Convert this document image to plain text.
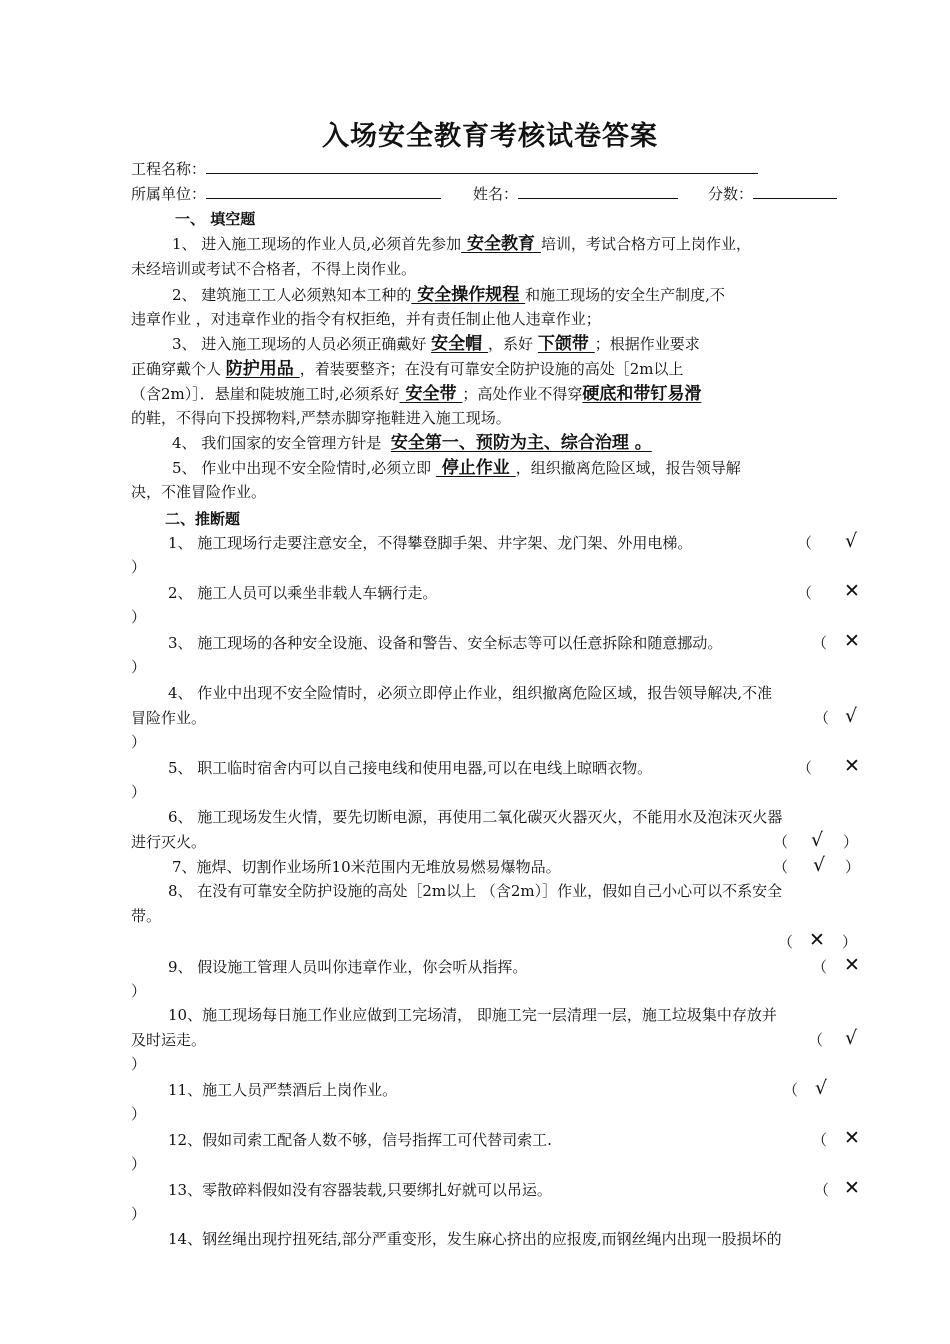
入场安全教育考核试卷答案
工程名称：
所属单位：	姓名：	分数：
一、 填空题
1、 进入施工现场的作业人员,必须首先参加 安全教育 培训，考试合格方可上岗作业，
未经培训或考试不合格者，不得上岗作业。
2、 建筑施工工人必须熟知本工种的 安全操作规程 和施工现场的安全生产制度,不
违章作业 ，对违章作业的指令有权拒绝，并有责任制止他人违章作业；
3、 进入施工现场的人员必须正确戴好 安全帽 ，系好 下颌带 ；根据作业要求
正确穿戴个人 防护用品 ，着装要整齐；在没有可靠安全防护设施的高处［2m以上
（含2m）］．悬崖和陡坡施工时,必须系好 安全带 ；高处作业不得穿硬底和带钉易滑
的鞋，不得向下投掷物料,严禁赤脚穿拖鞋进入施工现场。
4、 我们国家的安全管理方针是 安全第一、预防为主、综合治理 。
5、 作业中出现不安全险情时,必须立即  停止作业 ，组织撤离危险区域，报告领导解
决，不准冒险作业。
二、推断题
1、 施工现场行走要注意安全，不得攀登脚手架、井字架、龙门架、外用电梯。	（ √
）
2、 施工人员可以乘坐非载人车辆行走。	（ ✕
）
3、 施工现场的各种安全设施、设备和警告、安全标志等可以任意拆除和随意挪动。	（ ✕
）
4、 作业中出现不安全险情时，必须立即停止作业，组织撤离危险区域，报告领导解决,不准
冒险作业。	（ √
）
5、 职工临时宿舍内可以自己接电线和使用电器,可以在电线上晾晒衣物。	（ ✕
）
6、 施工现场发生火情，要先切断电源，再使用二氧化碳灭火器灭火，不能用水及泡沫灭火器
进行灭火。	（ √ ）
7、施焊、切割作业场所10米范围内无堆放易燃易爆物品。	（ √ ）
8、 在没有可靠安全防护设施的高处［2m以上 （含2m）］作业，假如自己小心可以不系安全
带。
（ ✕ ）
9、 假设施工管理人员叫你违章作业，你会听从指挥。	（ ✕
）
10、施工现场每日施工作业应做到工完场清， 即施工完一层清理一层，施工垃圾集中存放并
及时运走。	（ √
）
11、施工人员严禁酒后上岗作业。	（ √
）
12、假如司索工配备人数不够，信号指挥工可代替司索工.	（ ✕
）
13、零散碎料假如没有容器装载,只要绑扎好就可以吊运。	（ ✕
）
14、钢丝绳出现拧扭死结,部分严重变形，发生麻心挤出的应报废,而钢丝绳内出现一股损坏的
